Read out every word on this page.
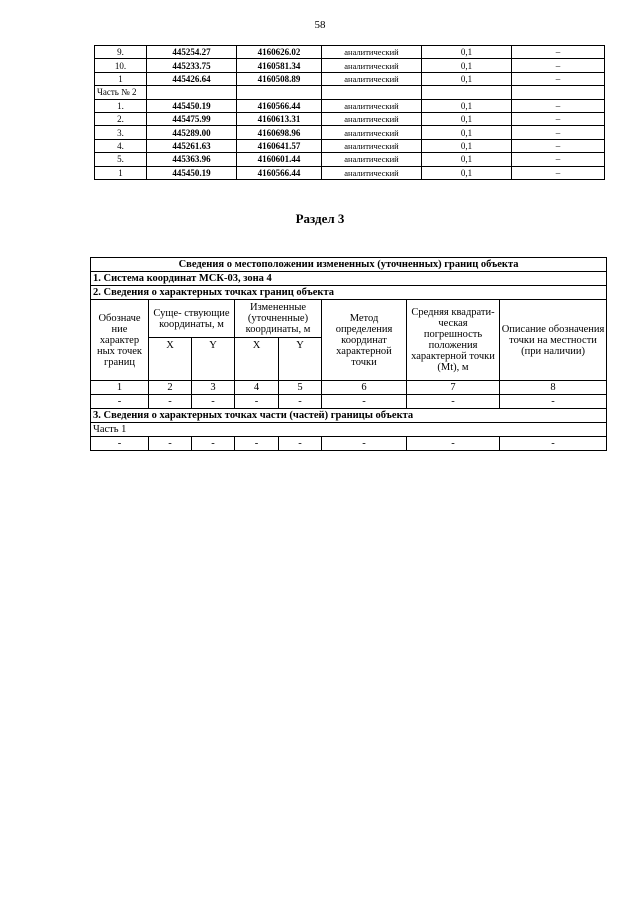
58
9.	445254.27	4160626.02	аналитический	0,1	–
10.	445233.75	4160581.34	аналитический	0,1	–
1	445426.64	4160508.89	аналитический	0,1	–
Часть № 2					
1.	445450.19	4160566.44	аналитический	0,1	–
2.	445475.99	4160613.31	аналитический	0,1	–
3.	445289.00	4160698.96	аналитический	0,1	–
4.	445261.63	4160641.57	аналитический	0,1	–
5.	445363.96	4160601.44	аналитический	0,1	–
1	445450.19	4160566.44	аналитический	0,1	–
Раздел 3
Сведения о местоположении измененных (уточненных) границ объекта							
1. Система координат МСК-03, зона 4							
2. Сведения о характерных точках границ объекта							
Обозначе ние характер ных точек границ	Суще- ствующие координаты, м		Измененные (уточненные) координаты, м		Метод определения координат характерной точки	Средняя квадрати- ческая погрешность положения характерной точки (Mt), м	Описание обозначения точки на местности (при наличии)
	X	Y	X	Y			
1	2	3	4	5	6	7	8
-	-	-	-	-	-	-	-
3. Сведения о характерных точках части (частей) границы объекта							
Часть 1							
-	-	-	-	-	-	-	-
